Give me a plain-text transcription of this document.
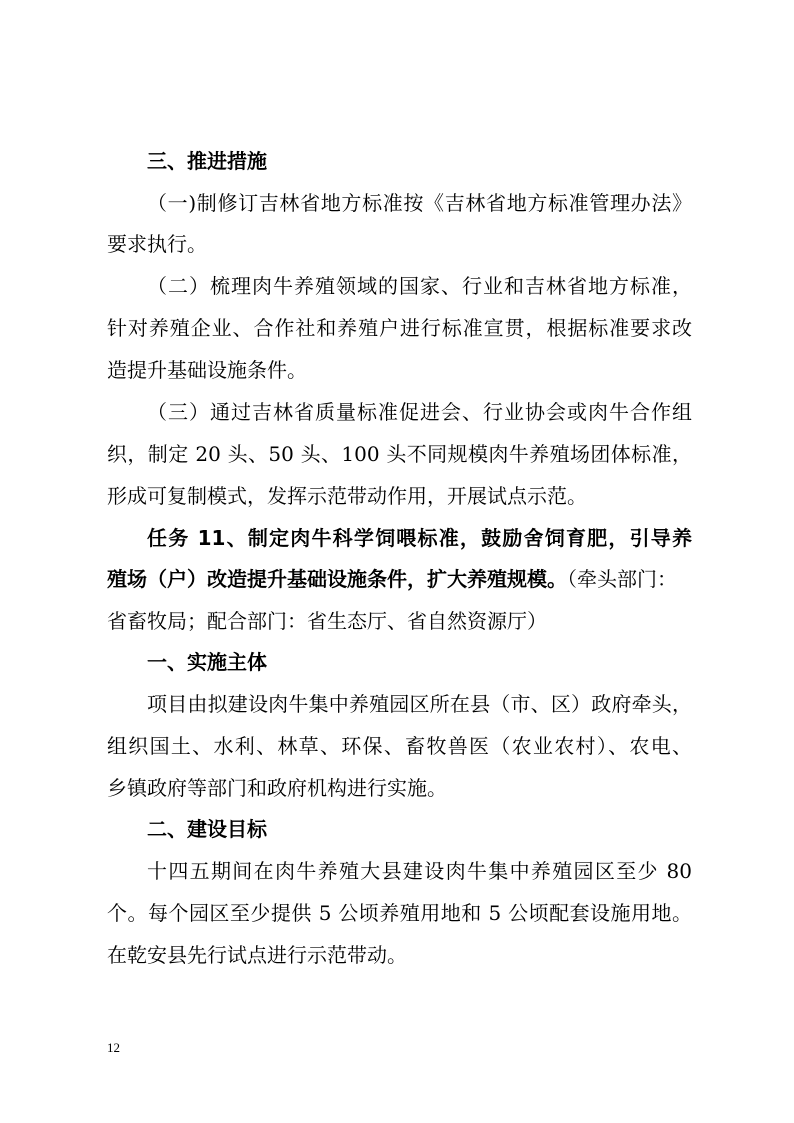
三、推进措施
（一)制修订吉林省地方标准按《吉林省地方标准管理办法》
要求执行。
（二）梳理肉牛养殖领域的国家、行业和吉林省地方标准，
针对养殖企业、合作社和养殖户进行标准宣贯，根据标准要求改
造提升基础设施条件。
（三）通过吉林省质量标准促进会、行业协会或肉牛合作组
织，制定 20 头、50 头、100 头不同规模肉牛养殖场团体标准，
形成可复制模式，发挥示范带动作用，开展试点示范。
任务 11、制定肉牛科学饲喂标准，鼓励舍饲育肥，引导养
殖场（户）改造提升基础设施条件，扩大养殖规模。（牵头部门：
省畜牧局；配合部门：省生态厅、省自然资源厅）
一、实施主体
项目由拟建设肉牛集中养殖园区所在县（市、区）政府牵头，
组织国土、水利、林草、环保、畜牧兽医（农业农村）、农电、
乡镇政府等部门和政府机构进行实施。
二、建设目标
十四五期间在肉牛养殖大县建设肉牛集中养殖园区至少 80
个。每个园区至少提供 5 公顷养殖用地和 5 公顷配套设施用地。
在乾安县先行试点进行示范带动。
12
